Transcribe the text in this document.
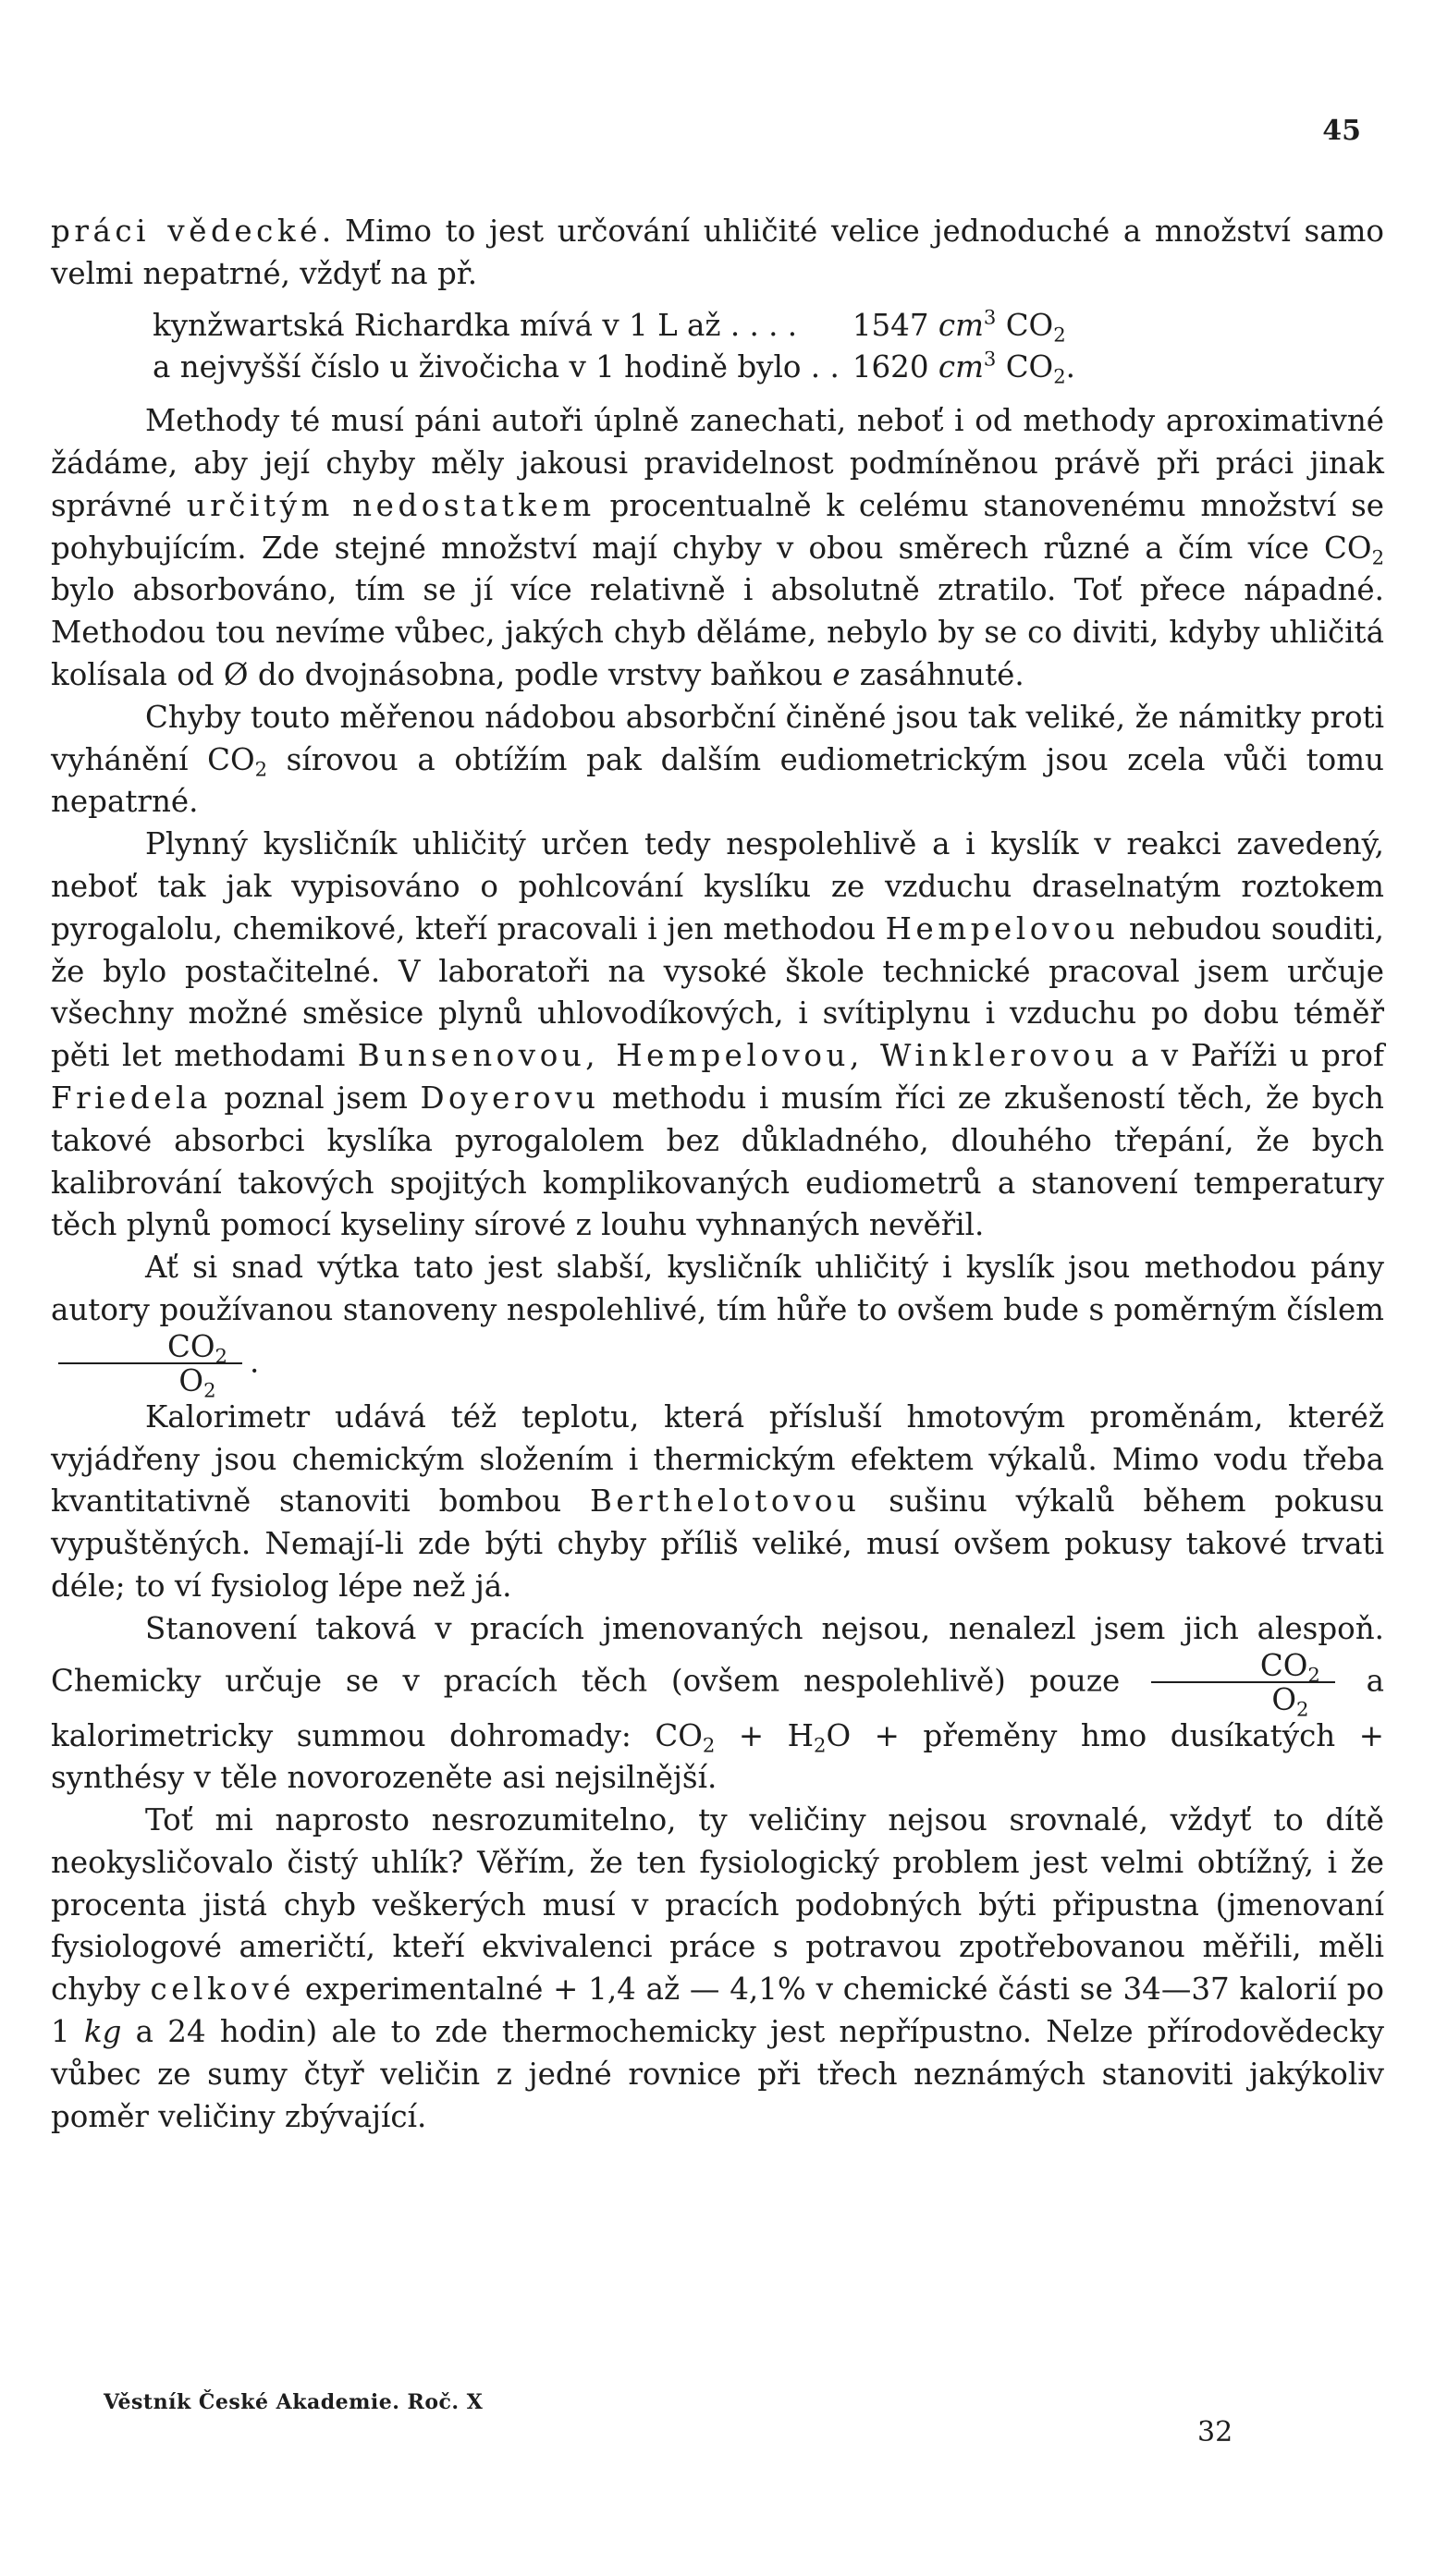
45

práci vědecké. Mimo to jest určování uhličité velice jednoduché a množství samo velmi nepatrné, vždyť na př.

kynžwartská Richardka mívá v 1 L až . . . .	1547 $cm^3$ $CO_2$
a nejvyšší číslo u živočicha v 1 hodině bylo . .	1620 $cm^3$ $CO_2$.

Methody té musí páni autoři úplně zanechati, neboť i od methody aproximativné žádáme, aby její chyby měly jakousi pravidelnost podmíněnou právě při práci jinak správné určitým nedostatkem procentualně k celému stanovenému množství se pohybujícím. Zde stejné množství mají chyby v obou směrech různé a čím více $CO_2$ bylo absorbováno, tím se jí více relativně i absolutně ztratilo. Toť přece nápadné. Methodou tou nevíme vůbec, jakých chyb děláme, nebylo by se co diviti, kdyby uhličitá kolísala od Ø do dvojnásobna, podle vrstvy baňkou e zasáhnuté.

Chyby touto měřenou nádobou absorbční činěné jsou tak veliké, že námitky proti vyhánění $CO_2$ sírovou a obtížím pak dalším eudiometrickým jsou zcela vůči tomu nepatrné.

Plynný kysličník uhličitý určen tedy nespolehlivě a i kyslík v reakci zavedený, neboť tak jak vypisováno o pohlcování kyslíku ze vzduchu draselnatým roztokem pyrogalolu, chemikové, kteří pracovali i jen methodou Hempelovou nebudou souditi, že bylo postačitelné. V laboratoři na vysoké škole technické pracoval jsem určuje všechny možné směsice plynů uhlovodíkových, i svítiplynu i vzduchu po dobu téměř pěti let methodami Bunsenovou, Hempelovou, Winklerovou a v Paříži u prof Friedela poznal jsem Doyerovu methodu i musím říci ze zkušeností těch, že bych takové absorbci kyslíka pyrogalolem bez důkladného, dlouhého třepání, že bych kalibrování takových spojitých komplikovaných eudiometrů a stanovení temperatury těch plynů pomocí kyseliny sírové z louhu vyhnaných nevěřil.

Ať si snad výtka tato jest slabší, kysličník uhličitý i kyslík jsou methodou pány autory používanou stanoveny nespolehlivé, tím hůře to ovšem bude s poměrným číslem
$\frac{CO_2}{O_2}$ .

Kalorimetr udává též teplotu, která přísluší hmotovým proměnám, kteréž vyjádřeny jsou chemickým složením i thermickým efektem výkalů. Mimo vodu třeba kvantitativně stanoviti bombou Berthelotovou sušinu výkalů během pokusu vypuštěných. Nemají-li zde býti chyby příliš veliké, musí ovšem pokusy takové trvati déle; to ví fysiolog lépe než já.

Stanovení taková v pracích jmenovaných nejsou, nenalezl jsem jich alespoň. Chemicky určuje se v pracích těch (ovšem nespolehlivě) pouze $\frac{CO_2}{O_2}$ a kalorimetricky summou dohromady: $CO_2 + H_2O$ + přeměny hmo dusíkatých + synthésy v těle novorozeněte asi nejsilnější.

Toť mi naprosto nesrozumitelno, ty veličiny nejsou srovnalé, vždyť to dítě neokysličovalo čistý uhlík? Věřím, že ten fysiologický problem jest velmi obtížný, i že procenta jistá chyb veškerých musí v pracích podobných býti připustna (jmenovaní fysiologové američtí, kteří ekvivalenci práce s potravou zpotřebovanou měřili, měli chyby celkové experimentalné + 1,4 až — 4,1% v chemické části se 34—37 kalorií po 1 kg a 24 hodin) ale to zde thermochemicky jest nepřípustno. Nelze přírodovědecky vůbec ze sumy čtyř veličin z jedné rovnice při třech neznámých stanoviti jakýkoliv poměr veličiny zbývající.

Věstník České Akademie. Roč. X
32
